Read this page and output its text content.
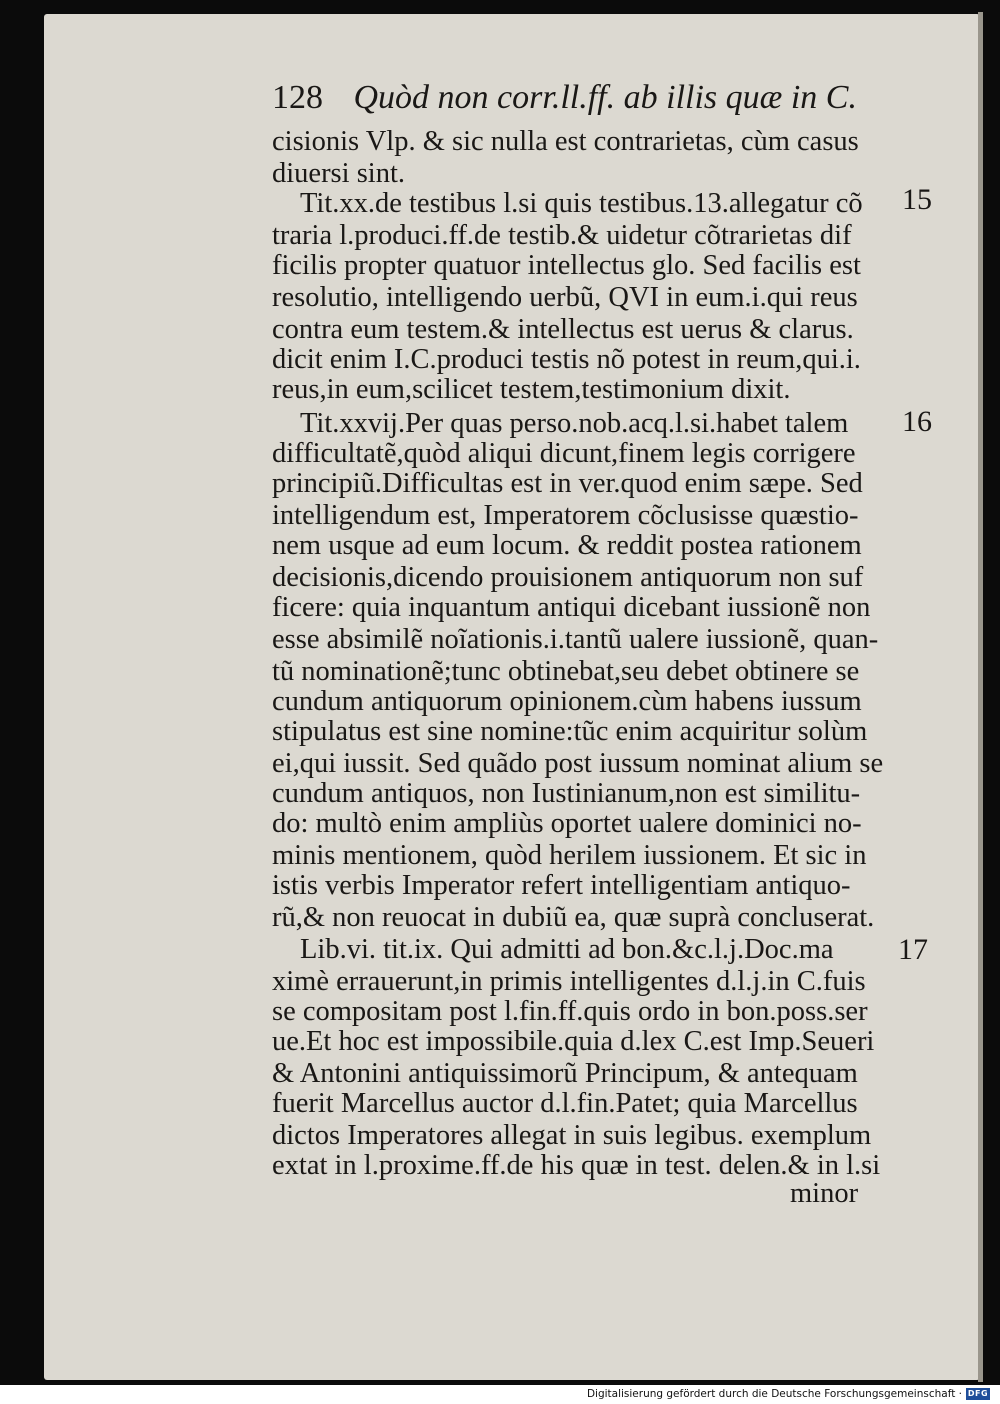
128 Quòd non corr.ll.ff. ab illis quæ in C.
cisionis Vlp. & sic nulla est contrarietas, cùm casus
diuersi sint.
Tit.xx.de testibus l.si quis testibus.13.allegatur cõ
traria l.produci.ff.de testib.& uidetur cõtrarietas dif
ficilis propter quatuor intellectus glo. Sed facilis est
resolutio, intelligendo uerbũ, QVI in eum.i.qui reus
contra eum testem.& intellectus est uerus & clarus.
dicit enim I.C.produci testis nõ potest in reum,qui.i.
reus,in eum,scilicet testem,testimonium dixit.
Tit.xxvij.Per quas perso.nob.acq.l.si.habet talem
difficultatẽ,quòd aliqui dicunt,finem legis corrigere
principiũ.Difficultas est in ver.quod enim sæpe. Sed
intelligendum est, Imperatorem cõclusisse quæstio-
nem usque ad eum locum. & reddit postea rationem
decisionis,dicendo prouisionem antiquorum non suf
ficere: quia inquantum antiqui dicebant iussionẽ non
esse absimilẽ noĩationis.i.tantũ ualere iussionẽ, quan-
tũ nominationẽ;tunc obtinebat,seu debet obtinere se
cundum antiquorum opinionem.cùm habens iussum
stipulatus est sine nomine:tũc enim acquiritur solùm
ei,qui iussit. Sed quãdo post iussum nominat alium se
cundum antiquos, non Iustinianum,non est similitu-
do: multò enim ampliùs oportet ualere dominici no-
minis mentionem, quòd herilem iussionem. Et sic in
istis verbis Imperator refert intelligentiam antiquo-
rũ,& non reuocat in dubiũ ea, quæ suprà concluserat.
Lib.vi. tit.ix. Qui admitti ad bon.&c.l.j.Doc.ma
ximè errauerunt,in primis intelligentes d.l.j.in C.fuis
se compositam post l.fin.ff.quis ordo in bon.poss.ser
ue.Et hoc est impossibile.quia d.lex C.est Imp.Seueri
& Antonini antiquissimorũ Principum, & antequam
fuerit Marcellus auctor d.l.fin.Patet; quia Marcellus
dictos Imperatores allegat in suis legibus. exemplum
extat in l.proxime.ff.de his quæ in test. delen.& in l.si
15
16
17
minor
Digitalisierung gefördert durch die Deutsche Forschungsgemeinschaft · DFG
